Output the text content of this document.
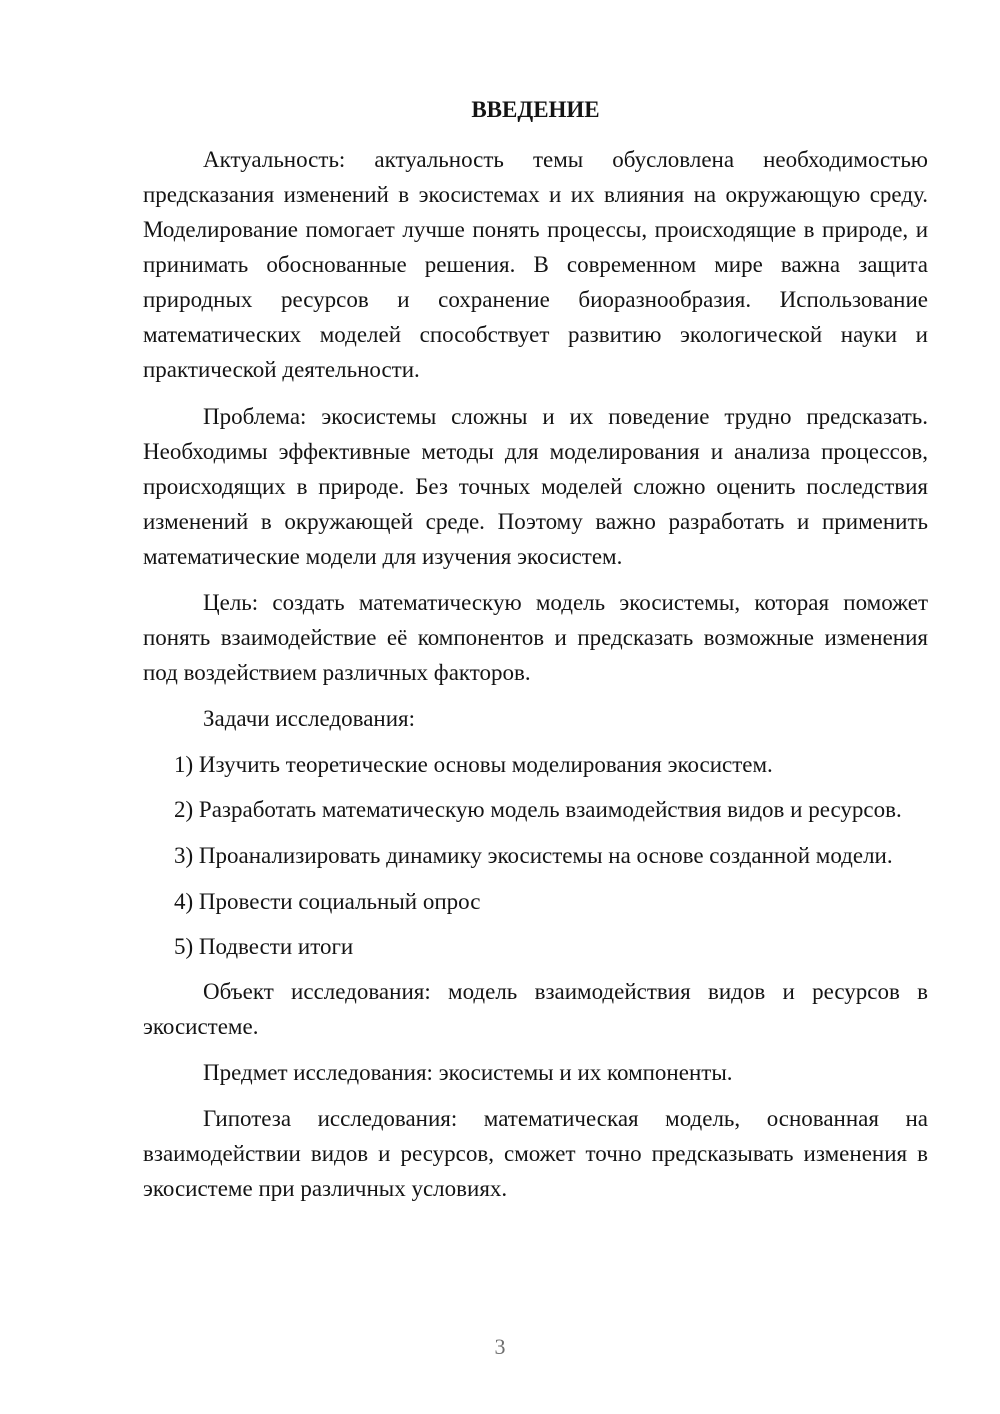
ВВЕДЕНИЕ

Актуальность: актуальность темы обусловлена необходимостью предсказания изменений в экосистемах и их влияния на окружающую среду. Моделирование помогает лучше понять процессы, происходящие в природе, и принимать обоснованные решения. В современном мире важна защита природных ресурсов и сохранение биоразнообразия. Использование математических моделей способствует развитию экологической науки и практической деятельности.

Проблема: экосистемы сложны и их поведение трудно предсказать. Необходимы эффективные методы для моделирования и анализа процессов, происходящих в природе. Без точных моделей сложно оценить последствия изменений в окружающей среде. Поэтому важно разработать и применить математические модели для изучения экосистем.

Цель: создать математическую модель экосистемы, которая поможет понять взаимодействие её компонентов и предсказать возможные изменения под воздействием различных факторов.

Задачи исследования:

1) Изучить теоретические основы моделирования экосистем.

2) Разработать математическую модель взаимодействия видов и ресурсов.

3) Проанализировать динамику экосистемы на основе созданной модели.

4) Провести социальный опрос

5) Подвести итоги

Объект исследования: модель взаимодействия видов и ресурсов в экосистеме.

Предмет исследования: экосистемы и их компоненты.

Гипотеза исследования: математическая модель, основанная на взаимодействии видов и ресурсов, сможет точно предсказывать изменения в экосистеме при различных условиях.

3
